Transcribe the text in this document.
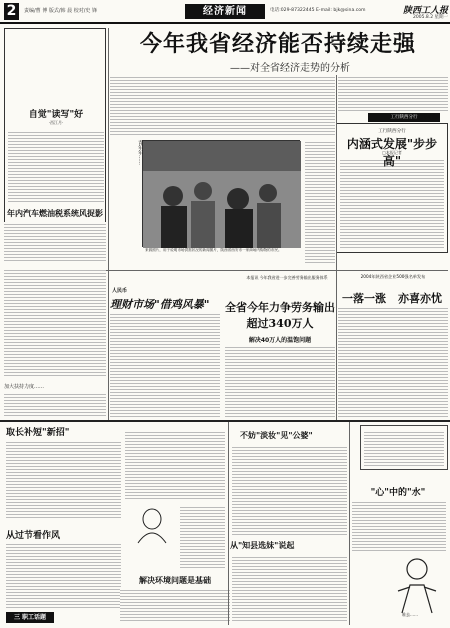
2	责编/曹 博 版式/韩 晨 校对/史 锋	经济新闻	电话:029-87322445 E-mail: bjk@sina.com	陕西工人报
2005.8.2 星期一
今年我省经济能否持续走强
——对全省经济走势的分析
自觉"读写"好
·西江月·
年内汽车燃油税系统风捉影
加大扶持力度……
青年年……
来源照片，用于说明市场供需状况的新闻图片，陕西省西安市一家商场内购物的市民。
工行陕西分行
工行陕西分行
内涵式发展"步步高"
□本报记者
●记者观察
人民币
理财市场"借鸡风暴"
本报讯 今年我省进一步完善劳务输出服务体系
全省今年力争劳务输出超过340万人
解决40万人的温饱问题
2004年陕西省企业500强名单发布
一落一涨	亦喜亦忧
取长补短"新招"
从过节看作风
三 职工话题
解决环境问题是基础
不妨"淡妆"见"公婆"
从"知县选妹"说起
"心"中的"水"
谁去……
